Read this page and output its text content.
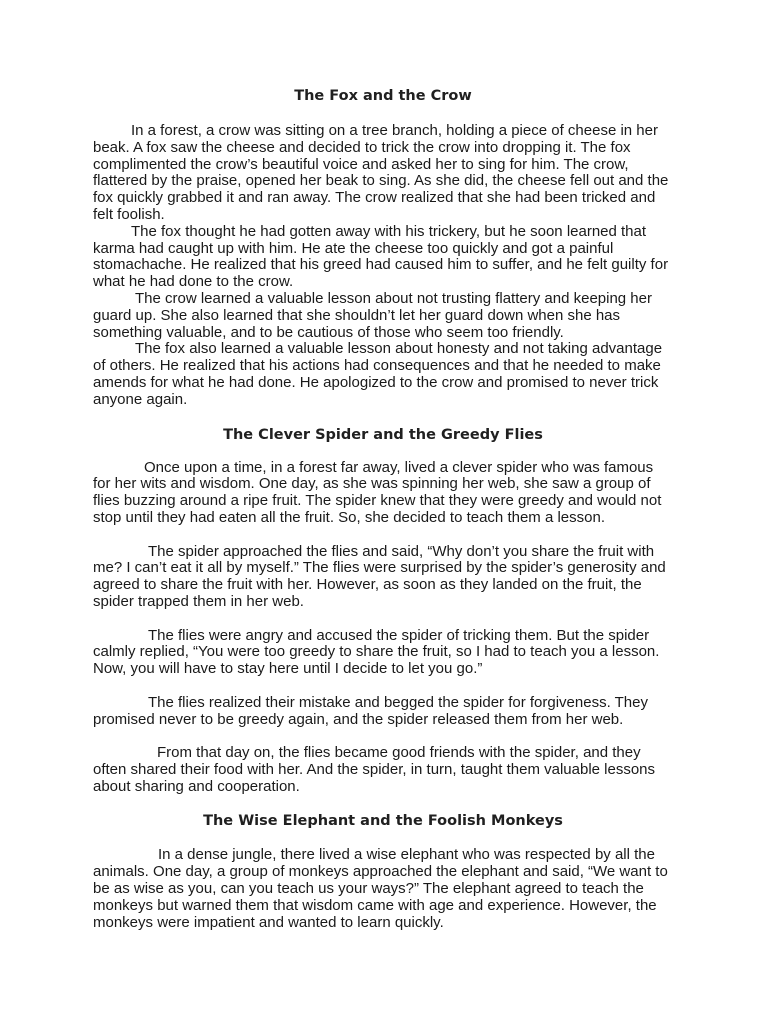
The Fox and the Crow

In a forest, a crow was sitting on a tree branch, holding a piece of cheese in her beak. A fox saw the cheese and decided to trick the crow into dropping it. The fox complimented the crow’s beautiful voice and asked her to sing for him. The crow, flattered by the praise, opened her beak to sing. As she did, the cheese fell out and the fox quickly grabbed it and ran away. The crow realized that she had been tricked and felt foolish.

The fox thought he had gotten away with his trickery, but he soon learned that karma had caught up with him. He ate the cheese too quickly and got a painful stomachache. He realized that his greed had caused him to suffer, and he felt guilty for what he had done to the crow.

The crow learned a valuable lesson about not trusting flattery and keeping her guard up. She also learned that she shouldn’t let her guard down when she has something valuable, and to be cautious of those who seem too friendly.

The fox also learned a valuable lesson about honesty and not taking advantage of others. He realized that his actions had consequences and that he needed to make amends for what he had done. He apologized to the crow and promised to never trick anyone again.

The Clever Spider and the Greedy Flies

Once upon a time, in a forest far away, lived a clever spider who was famous for her wits and wisdom. One day, as she was spinning her web, she saw a group of flies buzzing around a ripe fruit. The spider knew that they were greedy and would not stop until they had eaten all the fruit. So, she decided to teach them a lesson.

The spider approached the flies and said, “Why don’t you share the fruit with me? I can’t eat it all by myself.” The flies were surprised by the spider’s generosity and agreed to share the fruit with her. However, as soon as they landed on the fruit, the spider trapped them in her web.

The flies were angry and accused the spider of tricking them. But the spider calmly replied, “You were too greedy to share the fruit, so I had to teach you a lesson. Now, you will have to stay here until I decide to let you go.”

The flies realized their mistake and begged the spider for forgiveness. They promised never to be greedy again, and the spider released them from her web.

From that day on, the flies became good friends with the spider, and they often shared their food with her. And the spider, in turn, taught them valuable lessons about sharing and cooperation.

The Wise Elephant and the Foolish Monkeys

In a dense jungle, there lived a wise elephant who was respected by all the animals. One day, a group of monkeys approached the elephant and said, “We want to be as wise as you, can you teach us your ways?” The elephant agreed to teach the monkeys but warned them that wisdom came with age and experience. However, the monkeys were impatient and wanted to learn quickly.
